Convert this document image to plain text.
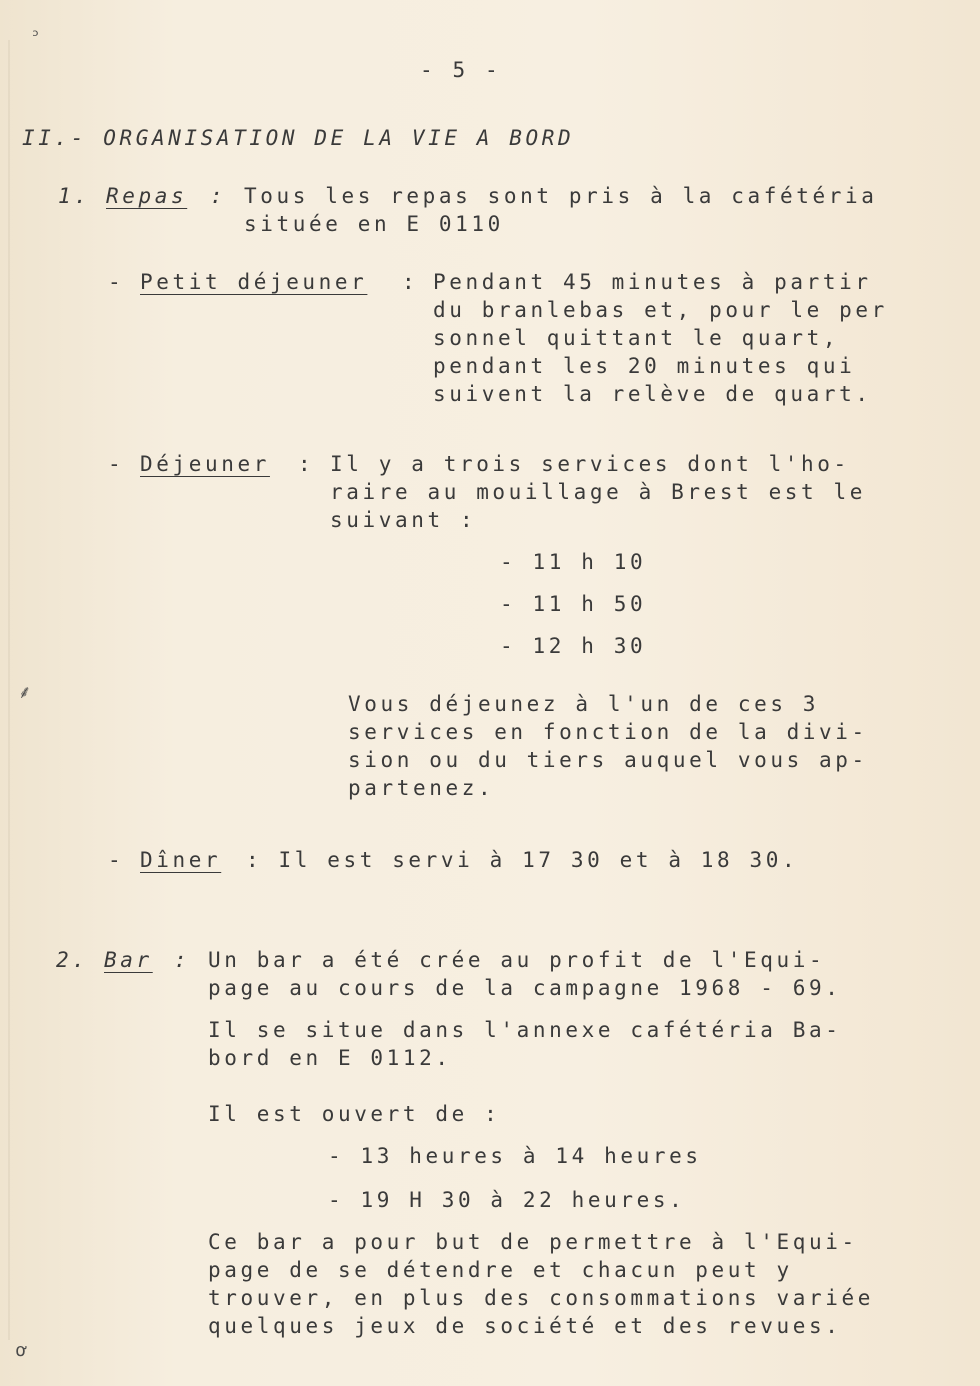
ᵓ
⸙
ơ
- 5 -
II.- ORGANISATION DE LA VIE A BORD
1. Repas : Tous les repas sont pris à la cafétéria
située en E 0110
- Petit déjeuner : Pendant 45 minutes à partir
du branlebas et, pour le per
sonnel quittant le quart,
pendant les 20 minutes qui
suivent la relève de quart.
- Déjeuner : Il y a trois services dont l'ho-
raire au mouillage à Brest est le
suivant :
- 11 h 10
- 11 h 50
- 12 h 30
Vous déjeunez à l'un de ces 3
services en fonction de la divi-
sion ou du tiers auquel vous ap-
partenez.
- Dîner : Il est servi à 17 30 et à 18 30.
2. Bar : Un bar a été crée au profit de l'Equi-
page au cours de la campagne 1968 - 69.
Il se situe dans l'annexe cafétéria Ba-
bord en E 0112.
Il est ouvert de :
- 13 heures à 14 heures
- 19 H 30 à 22 heures.
Ce bar a pour but de permettre à l'Equi-
page de se détendre et chacun peut y
trouver, en plus des consommations variée
quelques jeux de société et des revues.
